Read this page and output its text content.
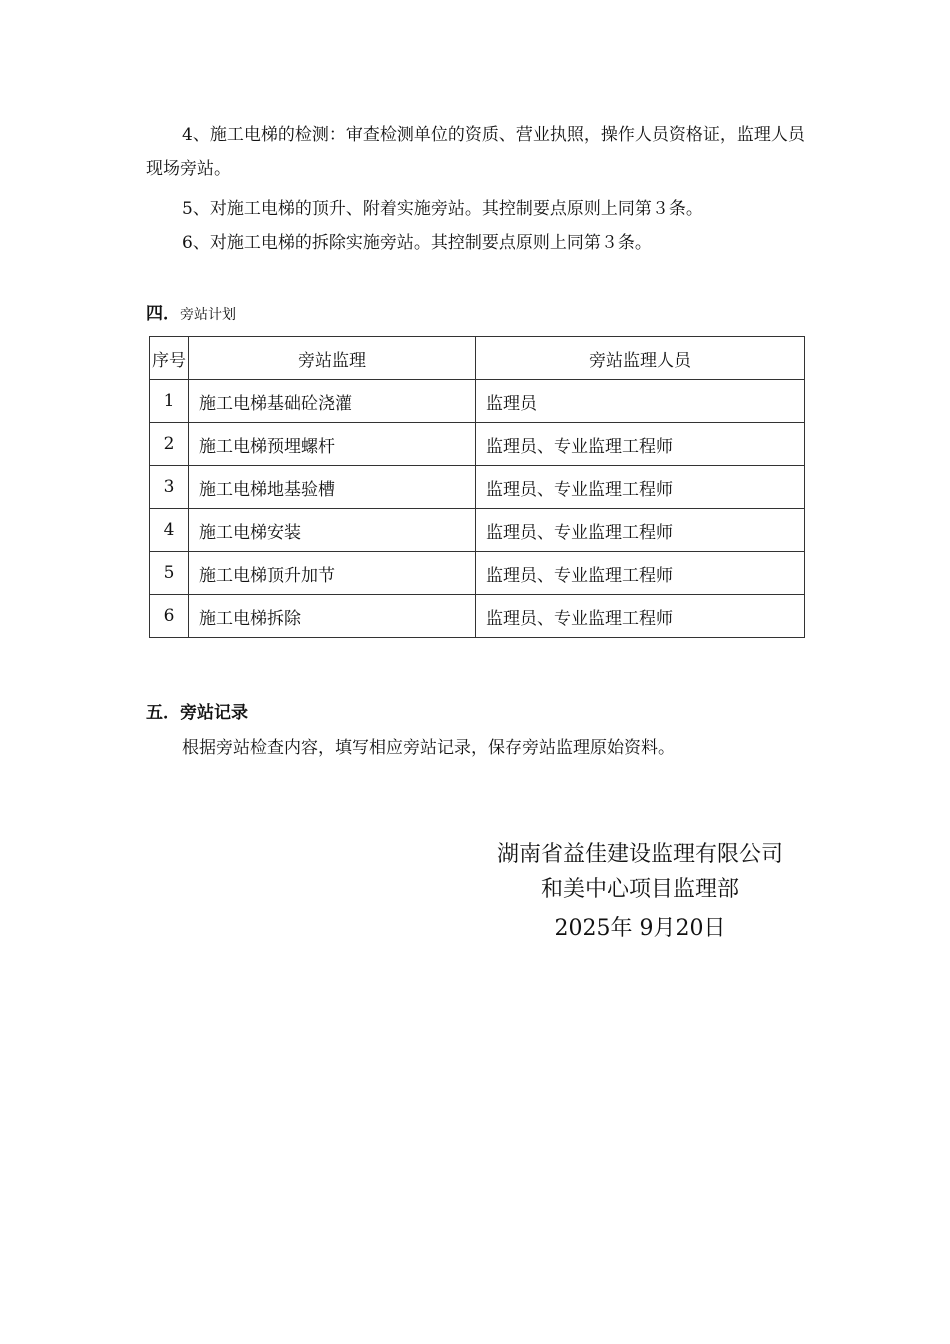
4、施工电梯的检测：审查检测单位的资质、营业执照，操作人员资格证，监理人员现场旁站。

5、对施工电梯的顶升、附着实施旁站。其控制要点原则上同第３条。

6、对施工电梯的拆除实施旁站。其控制要点原则上同第３条。

四．旁站计划

序号	旁站监理	旁站监理人员
1	施工电梯基础砼浇灌	监理员
2	施工电梯预埋螺杆	监理员、专业监理工程师
3	施工电梯地基验槽	监理员、专业监理工程师
4	施工电梯安装	监理员、专业监理工程师
5	施工电梯顶升加节	监理员、专业监理工程师
6	施工电梯拆除	监理员、专业监理工程师

五．旁站记录

根据旁站检查内容，填写相应旁站记录，保存旁站监理原始资料。

湖南省益佳建设监理有限公司

和美中心项目监理部

2025年 9月20日
